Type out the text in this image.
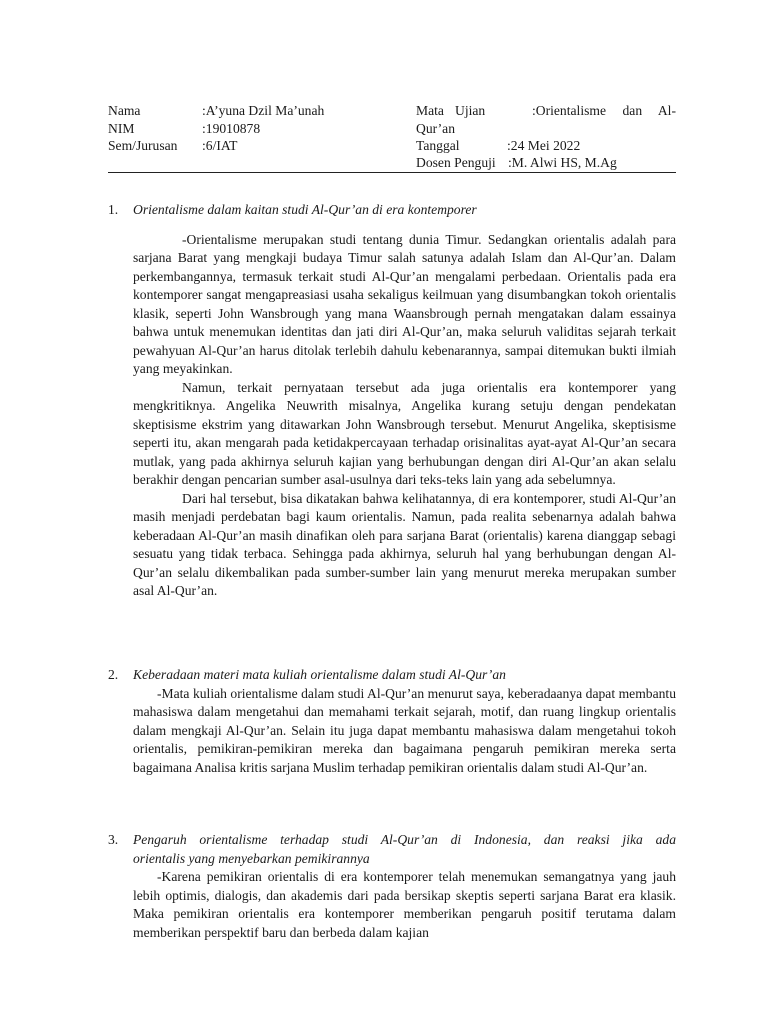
Nama	:A’yuna Dzil Ma’unah
NIM	:19010878
Sem/Jurusan :6/IAT
Mata Ujian	:Orientalisme dan Al-
Qur’an
Tanggal	:24 Mei 2022
Dosen Penguji :M. Alwi HS, M.Ag
1.	Orientalisme dalam kaitan studi Al-Qur’an di era kontemporer

-Orientalisme merupakan studi tentang dunia Timur. Sedangkan orientalis adalah para sarjana Barat yang mengkaji budaya Timur salah satunya adalah Islam dan Al-Qur’an. Dalam perkembangannya, termasuk terkait studi Al-Qur’an mengalami perbedaan. Orientalis pada era kontemporer sangat mengapreasiasi usaha sekaligus keilmuan yang disumbangkan tokoh orientalis klasik, seperti John Wansbrough yang mana Waansbrough pernah mengatakan dalam essainya bahwa untuk menemukan identitas dan jati diri Al-Qur’an, maka seluruh validitas sejarah terkait pewahyuan Al-Qur’an harus ditolak terlebih dahulu kebenarannya, sampai ditemukan bukti ilmiah yang meyakinkan.

Namun, terkait pernyataan tersebut ada juga orientalis era kontemporer yang mengkritiknya. Angelika Neuwrith misalnya, Angelika kurang setuju dengan pendekatan skeptisisme ekstrim yang ditawarkan John Wansbrough tersebut. Menurut Angelika, skeptisisme seperti itu, akan mengarah pada ketidakpercayaan terhadap orisinalitas ayat-ayat Al-Qur’an secara mutlak, yang pada akhirnya seluruh kajian yang berhubungan dengan diri Al-Qur’an akan selalu berakhir dengan pencarian sumber asal-usulnya dari teks-teks lain yang ada sebelumnya.

Dari hal tersebut, bisa dikatakan bahwa kelihatannya, di era kontemporer, studi Al-Qur’an masih menjadi perdebatan bagi kaum orientalis. Namun, pada realita sebenarnya adalah bahwa keberadaan Al-Qur’an masih dinafikan oleh para sarjana Barat (orientalis) karena dianggap sebagi sesuatu yang tidak terbaca. Sehingga pada akhirnya, seluruh hal yang berhubungan dengan Al-Qur’an selalu dikembalikan pada sumber-sumber lain yang menurut mereka merupakan sumber asal Al-Qur’an.

2.	Keberadaan materi mata kuliah orientalisme dalam studi Al-Qur’an

-Mata kuliah orientalisme dalam studi Al-Qur’an menurut saya, keberadaanya dapat membantu mahasiswa dalam mengetahui dan memahami terkait sejarah, motif, dan ruang lingkup orientalis dalam mengkaji Al-Qur’an. Selain itu juga dapat membantu mahasiswa dalam mengetahui tokoh orientalis, pemikiran-pemikiran mereka dan bagaimana pengaruh pemikiran mereka serta bagaimana Analisa kritis sarjana Muslim terhadap pemikiran orientalis dalam studi Al-Qur’an.

3.	Pengaruh orientalisme terhadap studi Al-Qur’an di Indonesia, dan reaksi jika ada
orientalis yang menyebarkan pemikirannya

-Karena pemikiran orientalis di era kontemporer telah menemukan semangatnya yang jauh lebih optimis, dialogis, dan akademis dari pada bersikap skeptis seperti sarjana Barat era klasik. Maka pemikiran orientalis era kontemporer memberikan pengaruh positif terutama dalam memberikan perspektif baru dan berbeda dalam kajian
